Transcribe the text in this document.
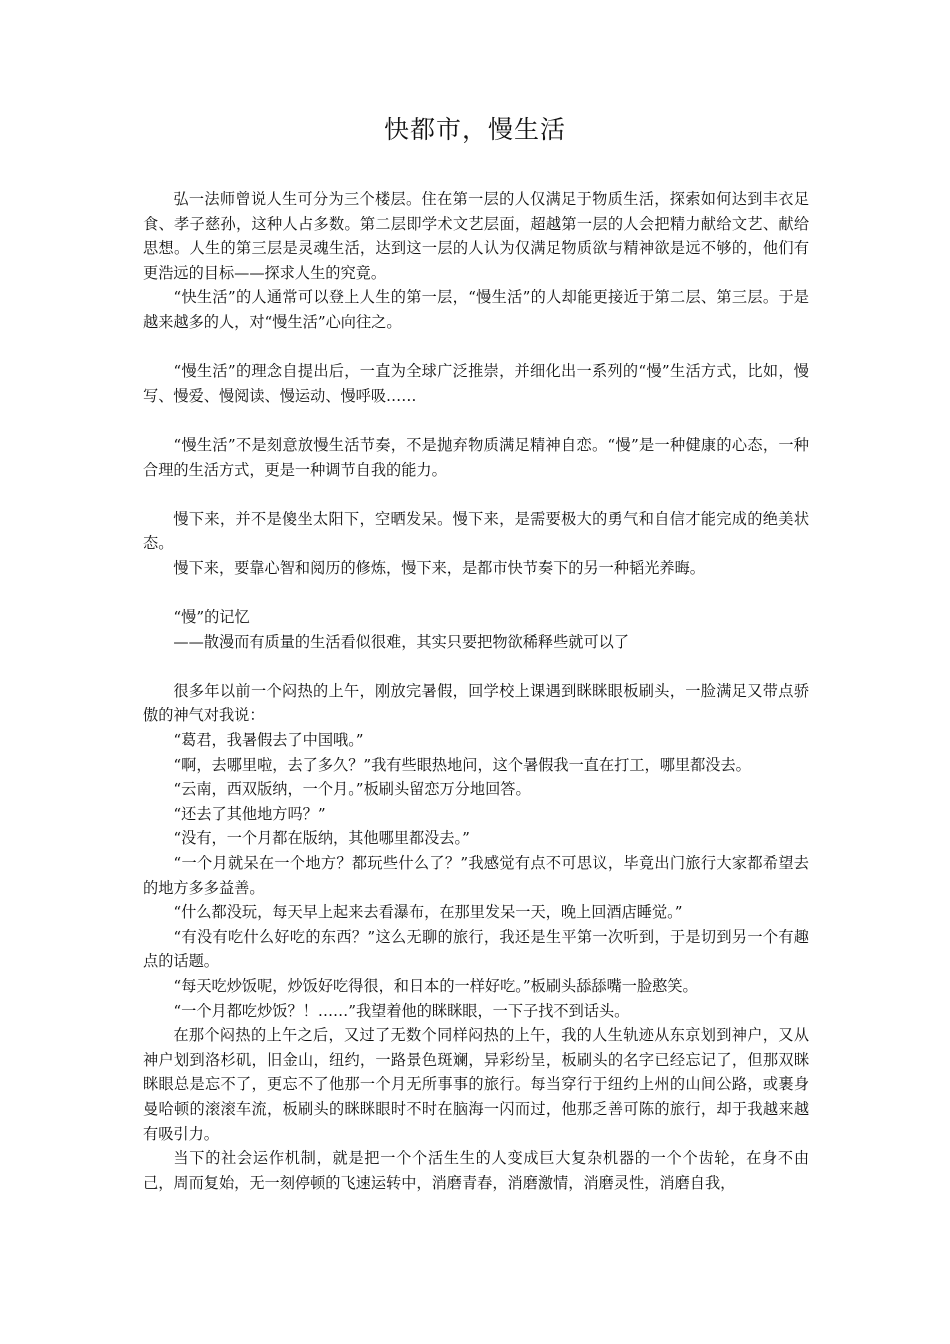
快都市，慢生活

弘一法师曾说人生可分为三个楼层。住在第一层的人仅满足于物质生活，探索如何达到丰衣足食、孝子慈孙，这种人占多数。第二层即学术文艺层面，超越第一层的人会把精力献给文艺、献给思想。人生的第三层是灵魂生活，达到这一层的人认为仅满足物质欲与精神欲是远不够的，他们有更浩远的目标——探求人生的究竟。

“快生活”的人通常可以登上人生的第一层，“慢生活”的人却能更接近于第二层、第三层。于是越来越多的人，对“慢生活”心向往之。

“慢生活”的理念自提出后，一直为全球广泛推崇，并细化出一系列的“慢”生活方式，比如，慢写、慢爱、慢阅读、慢运动、慢呼吸……

“慢生活”不是刻意放慢生活节奏，不是抛弃物质满足精神自恋。“慢”是一种健康的心态，一种合理的生活方式，更是一种调节自我的能力。

慢下来，并不是傻坐太阳下，空晒发呆。慢下来，是需要极大的勇气和自信才能完成的绝美状态。

慢下来，要靠心智和阅历的修炼，慢下来，是都市快节奏下的另一种韬光养晦。

“慢”的记忆

——散漫而有质量的生活看似很难，其实只要把物欲稀释些就可以了

很多年以前一个闷热的上午，刚放完暑假，回学校上课遇到眯眯眼板刷头，一脸满足又带点骄傲的神气对我说：

“葛君，我暑假去了中国哦。”

“啊，去哪里啦，去了多久？”我有些眼热地问，这个暑假我一直在打工，哪里都没去。

“云南，西双版纳，一个月。”板刷头留恋万分地回答。

“还去了其他地方吗？”

“没有，一个月都在版纳，其他哪里都没去。”

“一个月就呆在一个地方？都玩些什么了？”我感觉有点不可思议，毕竟出门旅行大家都希望去的地方多多益善。

“什么都没玩，每天早上起来去看瀑布，在那里发呆一天，晚上回酒店睡觉。”

“有没有吃什么好吃的东西？”这么无聊的旅行，我还是生平第一次听到，于是切到另一个有趣点的话题。

“每天吃炒饭呢，炒饭好吃得很，和日本的一样好吃。”板刷头舔舔嘴一脸憨笑。

“一个月都吃炒饭？！……”我望着他的眯眯眼，一下子找不到话头。

在那个闷热的上午之后，又过了无数个同样闷热的上午，我的人生轨迹从东京划到神户，又从神户划到洛杉矶，旧金山，纽约，一路景色斑斓，异彩纷呈，板刷头的名字已经忘记了，但那双眯眯眼总是忘不了，更忘不了他那一个月无所事事的旅行。每当穿行于纽约上州的山间公路，或裹身曼哈顿的滚滚车流，板刷头的眯眯眼时不时在脑海一闪而过，他那乏善可陈的旅行，却于我越来越有吸引力。

当下的社会运作机制，就是把一个个活生生的人变成巨大复杂机器的一个个齿轮，在身不由己，周而复始，无一刻停顿的飞速运转中，消磨青春，消磨激情，消磨灵性，消磨自我，
